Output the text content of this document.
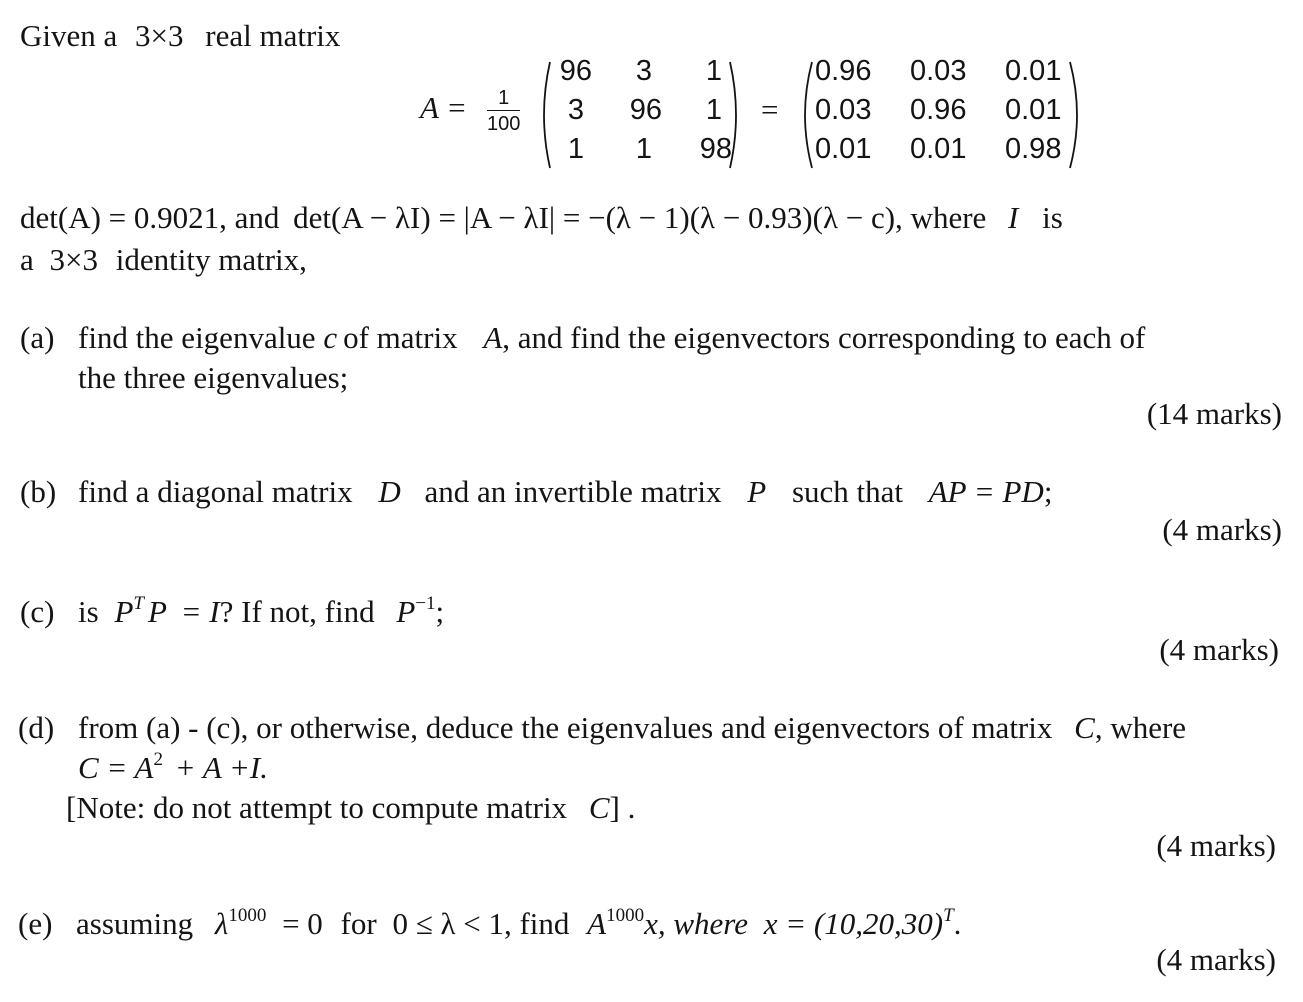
Given a 3×3 real matrix
$A = \frac{1}{100}$
96	3	1
3	96	1
1	1	98
=
0.96 0.03 0.01
0.03 0.96 0.01
0.01 0.01 0.98
det(A) = 0.9021, and det(A − λI) = |A − λI| = −(λ − 1)(λ − 0.93)(λ − c), where I is
a 3×3 identity matrix,
(a) find the eigenvalue c of matrix A, and find the eigenvectors corresponding to each of
the three eigenvalues;
(14 marks)
(b) find a diagonal matrix D and an invertible matrix P such that AP = PD;
(4 marks)
(c) is $P^T$ P = I? If not, find $P^{-1}$;
(4 marks)
(d) from (a) - (c), or otherwise, deduce the eigenvalues and eigenvectors of matrix C, where
$C = A^2 + A +I$.
[Note: do not attempt to compute matrix C] .
(4 marks)
(e) assuming $\lambda^{1000} = 0$ for 0 ≤ λ < 1, find $A^{1000}x$, where $x = (10,20,30)^T$.
(4 marks)
